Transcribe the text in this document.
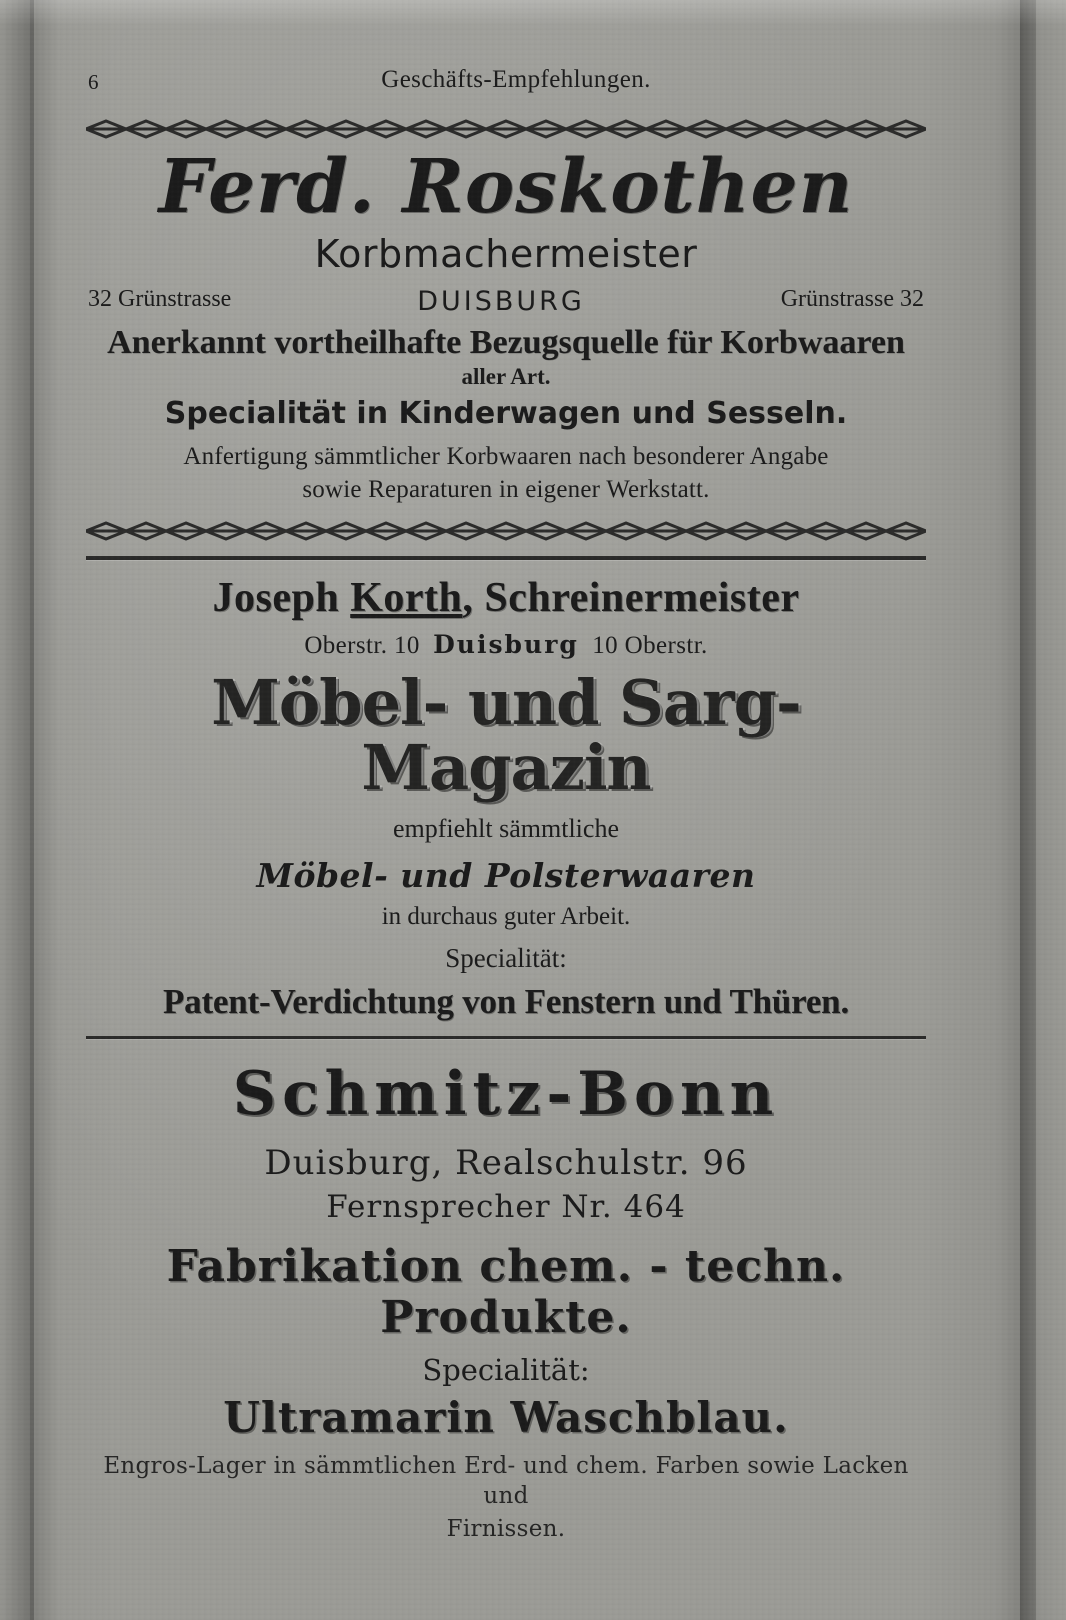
6	Geschäfts-Empfehlungen.
Ferd. Roskothen
Korbmachermeister
32 Grünstrasse	DUISBURG	Grünstrasse 32
Anerkannt vortheilhafte Bezugsquelle für Korbwaaren
aller Art.
Specialität in Kinderwagen und Sesseln.
Anfertigung sämmtlicher Korbwaaren nach besonderer Angabe
sowie Reparaturen in eigener Werkstatt.
Joseph Korth, Schreinermeister
Oberstr. 10 Duisburg 10 Oberstr.
Möbel- und Sarg-Magazin
empfiehlt sämmtliche
Möbel- und Polsterwaaren
in durchaus guter Arbeit.
Specialität:
Patent-Verdichtung von Fenstern und Thüren.
Schmitz-Bonn
Duisburg, Realschulstr. 96
Fernsprecher Nr. 464
Fabrikation chem. - techn. Produkte.
Specialität:
Ultramarin Waschblau.
Engros-Lager in sämmtlichen Erd- und chem. Farben sowie Lacken und
Firnissen.
